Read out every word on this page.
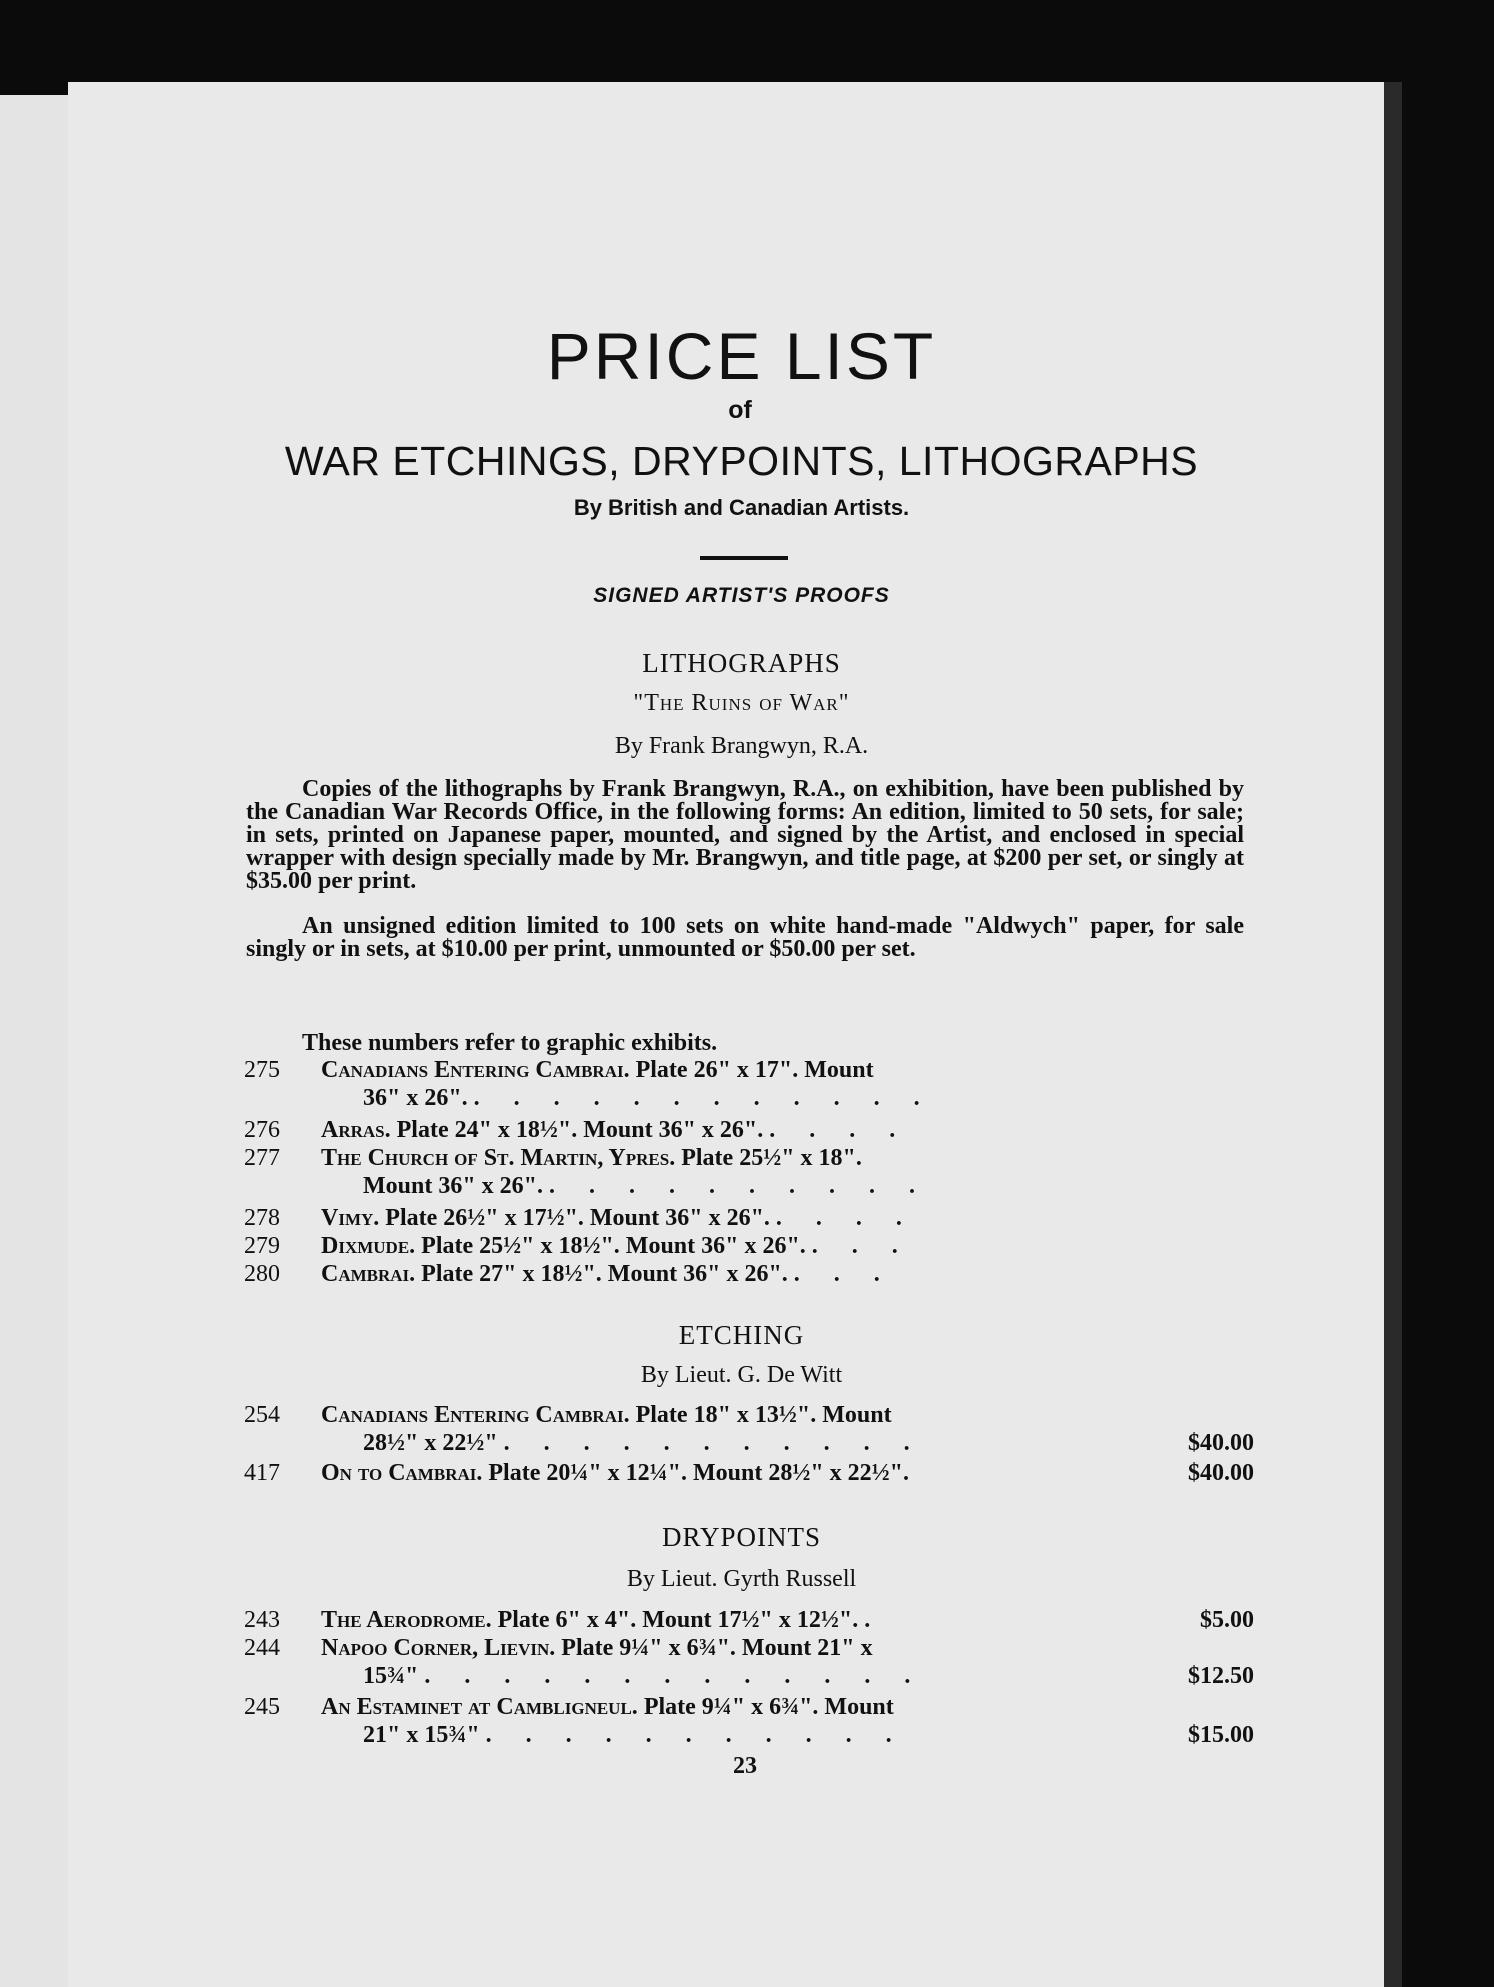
PRICE LIST
of
WAR ETCHINGS, DRYPOINTS, LITHOGRAPHS
By British and Canadian Artists.
SIGNED ARTIST'S PROOFS
LITHOGRAPHS
"The Ruins of War"
By Frank Brangwyn, R.A.

Copies of the lithographs by Frank Brangwyn, R.A., on exhibition, have been published by the Canadian War Records Office, in the following forms: An edition, limited to 50 sets, for sale; in sets, printed on Japanese paper, mounted, and signed by the Artist, and enclosed in special wrapper with design specially made by Mr. Brangwyn, and title page, at $200 per set, or singly at $35.00 per print.

An unsigned edition limited to 100 sets on white hand-made "Aldwych" paper, for sale singly or in sets, at $10.00 per print, unmounted or $50.00 per set.

These numbers refer to graphic exhibits.
275	Canadians Entering Cambrai. Plate 26" x 17". Mount
36" x 26". . . . . . . . . . . . .
276	Arras. Plate 24" x 18½". Mount 36" x 26". . . . .
277	The Church of St. Martin, Ypres. Plate 25½" x 18".
Mount 36" x 26". . . . . . . . . . .
278	Vimy. Plate 26½" x 17½". Mount 36" x 26". . . . .
279	Dixmude. Plate 25½" x 18½". Mount 36" x 26". . . .
280	Cambrai. Plate 27" x 18½". Mount 36" x 26". . . .
ETCHING
By Lieut. G. De Witt
254	Canadians Entering Cambrai. Plate 18" x 13½". Mount
28½" x 22½" . . . . . . . . . . .	$40.00
417	On to Cambrai. Plate 20¼" x 12¼". Mount 28½" x 22½".	$40.00
DRYPOINTS
By Lieut. Gyrth Russell
243	The Aerodrome. Plate 6" x 4". Mount 17½" x 12½". .	$5.00
244	Napoo Corner, Lievin. Plate 9¼" x 6¾". Mount 21" x
15¾" . . . . . . . . . . . . .	$12.50
245	An Estaminet at Cambligneul. Plate 9¼" x 6¾". Mount
21" x 15¾" . . . . . . . . . . .	$15.00
23
